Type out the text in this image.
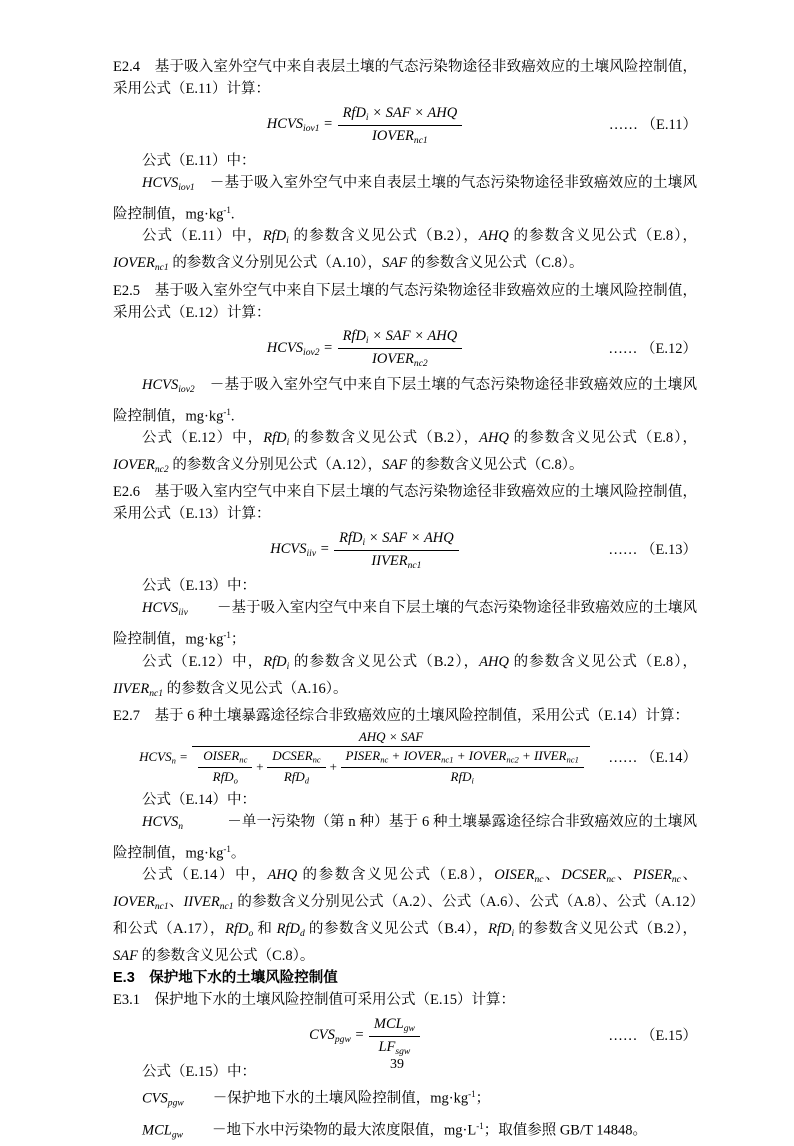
E2.4　基于吸入室外空气中来自表层土壤的气态污染物途径非致癌效应的土壤风险控制值，采用公式（E.11）计算：

$HCVS_{iov1} = \frac{RfD_i \times SAF \times AHQ}{IOVER_{nc1}}$	…… （E.11）

公式（E.11）中：

$HCVS_{iov1}$　－基于吸入室外空气中来自表层土壤的气态污染物途径非致癌效应的土壤风险控制值，$mg\cdot kg^{-1}$.

公式（E.11）中，RfD$_i$ 的参数含义见公式（B.2），AHQ 的参数含义见公式（E.8），$IOVER_{nc1}$ 的参数含义分别见公式（A.10），SAF 的参数含义见公式（C.8）。

E2.5　基于吸入室外空气中来自下层土壤的气态污染物途径非致癌效应的土壤风险控制值，采用公式（E.12）计算：

$HCVS_{iov2} = \frac{RfD_i \times SAF \times AHQ}{IOVER_{nc2}}$	…… （E.12）

$HCVS_{iov2}$　－基于吸入室外空气中来自下层土壤的气态污染物途径非致癌效应的土壤风险控制值，$mg\cdot kg^{-1}$.

公式（E.12）中，RfD$_i$ 的参数含义见公式（B.2），AHQ 的参数含义见公式（E.8），$IOVER_{nc2}$ 的参数含义分别见公式（A.12），SAF 的参数含义见公式（C.8）。

E2.6　基于吸入室内空气中来自下层土壤的气态污染物途径非致癌效应的土壤风险控制值，采用公式（E.13）计算：

$HCVS_{iiv} = \frac{RfD_i \times SAF \times AHQ}{IIVER_{nc1}}$	…… （E.13）

公式（E.13）中：

$HCVS_{iiv}$　　－基于吸入室内空气中来自下层土壤的气态污染物途径非致癌效应的土壤风险控制值，$mg\cdot kg^{-1}$；

公式（E.12）中，RfD$_i$ 的参数含义见公式（B.2），AHQ 的参数含义见公式（E.8），$IIVER_{nc1}$ 的参数含义见公式（A.16）。

E2.7　基于 6 种土壤暴露途径综合非致癌效应的土壤风险控制值，采用公式（E.14）计算：

$HCVS_n$ =
AHQ × SAF
$\frac{OISER_{nc}}{RfD_o} + \frac{DCSER_{nc}}{RfD_d} + \frac{PISER_{nc} + IOVER_{nc1} + IOVER_{nc2} + IIVER_{nc1}}{RfD_i}$ …… （E.14）

公式（E.14）中：

$HCVS_n$　　　－单一污染物（第 n 种）基于 6 种土壤暴露途径综合非致癌效应的土壤风险控制值，$mg\cdot kg^{-1}$。

公式（E.14）中，AHQ 的参数含义见公式（E.8），$OISER_{nc}$、$DCSER_{nc}$、$PISER_{nc}$、$IOVER_{nc1}$、$IIVER_{nc1}$ 的参数含义分别见公式（A.2）、公式（A.6）、公式（A.8）、公式（A.12）和公式（A.17），RfD$_o$ 和 RfD$_d$ 的参数含义见公式（B.4），RfD$_i$ 的参数含义见公式（B.2），SAF 的参数含义见公式（C.8）。

E.3　保护地下水的土壤风险控制值

E3.1　保护地下水的土壤风险控制值可采用公式（E.15）计算：

$CVS_{pgw} = \frac{MCL_{gw}}{LF_{sgw}}$	…… （E.15）

公式（E.15）中：

$CVS_{pgw}$　　－保护地下水的土壤风险控制值，$mg\cdot kg^{-1}$；

$MCL_{gw}$　　－地下水中污染物的最大浓度限值，$mg\cdot L^{-1}$；取值参照 GB/T 14848。

39
